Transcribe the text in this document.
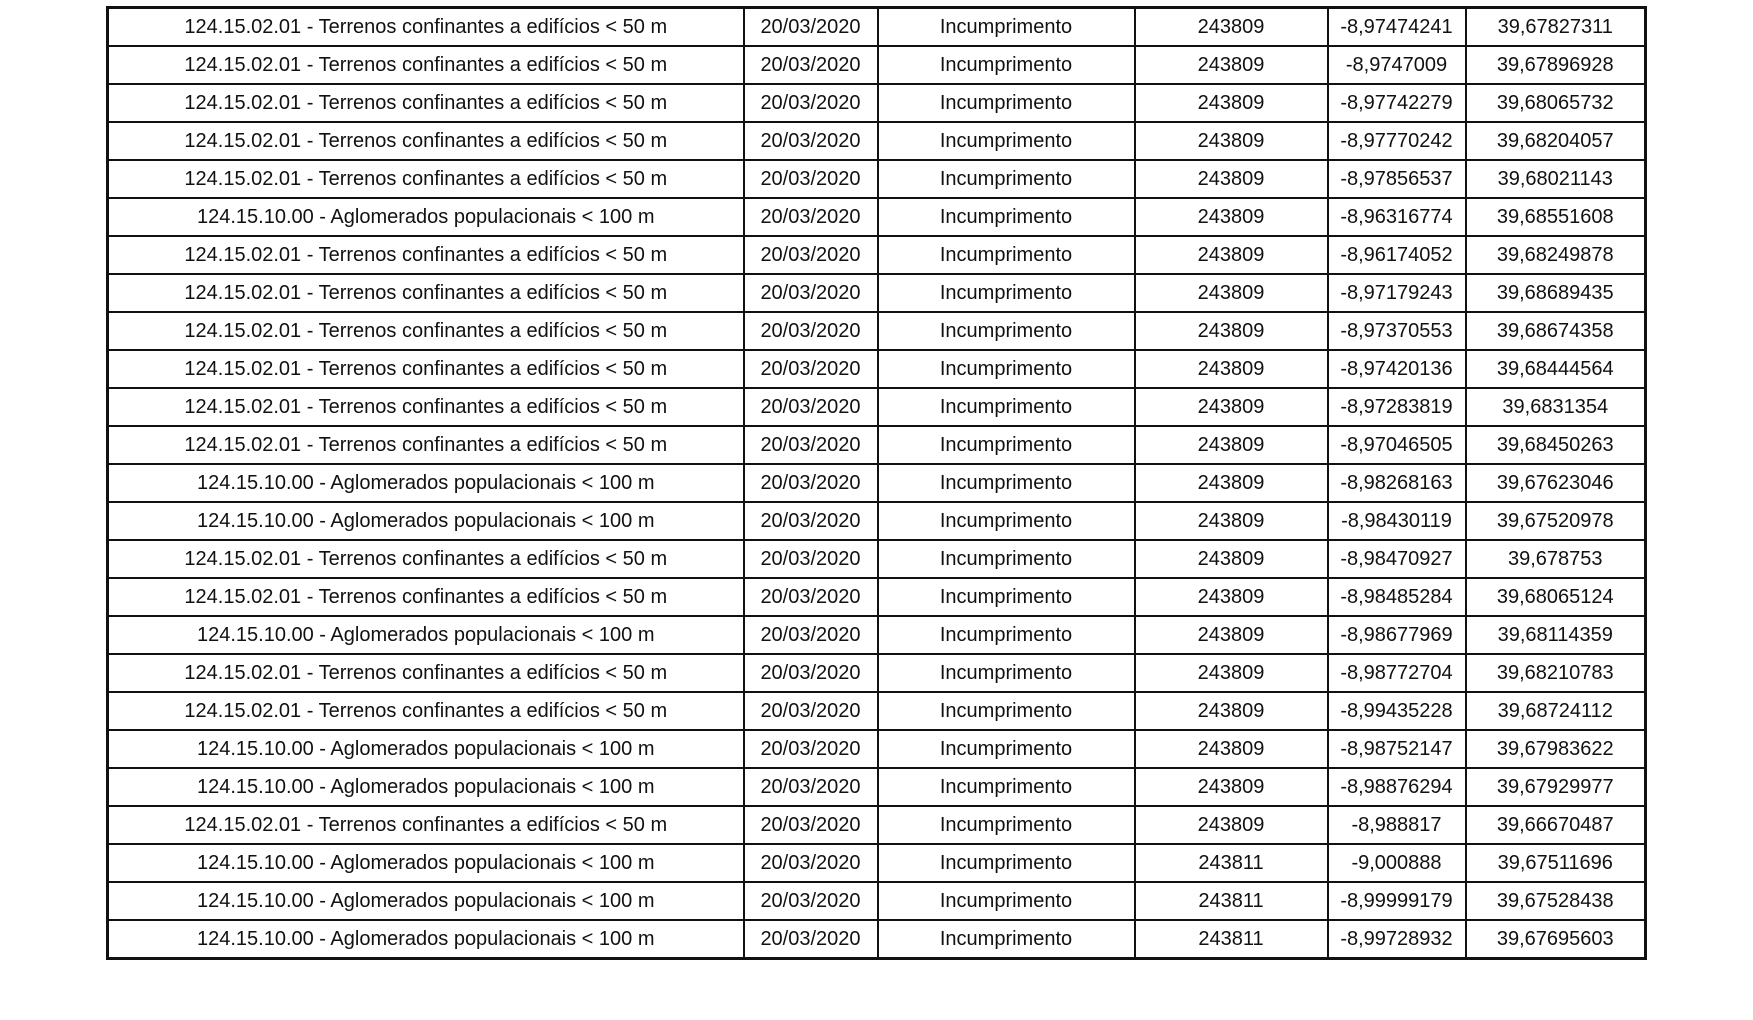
124.15.02.01 - Terrenos confinantes a edifícios < 50 m	20/03/2020	Incumprimento	243809	-8,97474241	39,67827311
124.15.02.01 - Terrenos confinantes a edifícios < 50 m	20/03/2020	Incumprimento	243809	-8,9747009	39,67896928
124.15.02.01 - Terrenos confinantes a edifícios < 50 m	20/03/2020	Incumprimento	243809	-8,97742279	39,68065732
124.15.02.01 - Terrenos confinantes a edifícios < 50 m	20/03/2020	Incumprimento	243809	-8,97770242	39,68204057
124.15.02.01 - Terrenos confinantes a edifícios < 50 m	20/03/2020	Incumprimento	243809	-8,97856537	39,68021143
124.15.10.00 - Aglomerados populacionais < 100 m	20/03/2020	Incumprimento	243809	-8,96316774	39,68551608
124.15.02.01 - Terrenos confinantes a edifícios < 50 m	20/03/2020	Incumprimento	243809	-8,96174052	39,68249878
124.15.02.01 - Terrenos confinantes a edifícios < 50 m	20/03/2020	Incumprimento	243809	-8,97179243	39,68689435
124.15.02.01 - Terrenos confinantes a edifícios < 50 m	20/03/2020	Incumprimento	243809	-8,97370553	39,68674358
124.15.02.01 - Terrenos confinantes a edifícios < 50 m	20/03/2020	Incumprimento	243809	-8,97420136	39,68444564
124.15.02.01 - Terrenos confinantes a edifícios < 50 m	20/03/2020	Incumprimento	243809	-8,97283819	39,6831354
124.15.02.01 - Terrenos confinantes a edifícios < 50 m	20/03/2020	Incumprimento	243809	-8,97046505	39,68450263
124.15.10.00 - Aglomerados populacionais < 100 m	20/03/2020	Incumprimento	243809	-8,98268163	39,67623046
124.15.10.00 - Aglomerados populacionais < 100 m	20/03/2020	Incumprimento	243809	-8,98430119	39,67520978
124.15.02.01 - Terrenos confinantes a edifícios < 50 m	20/03/2020	Incumprimento	243809	-8,98470927	39,678753
124.15.02.01 - Terrenos confinantes a edifícios < 50 m	20/03/2020	Incumprimento	243809	-8,98485284	39,68065124
124.15.10.00 - Aglomerados populacionais < 100 m	20/03/2020	Incumprimento	243809	-8,98677969	39,68114359
124.15.02.01 - Terrenos confinantes a edifícios < 50 m	20/03/2020	Incumprimento	243809	-8,98772704	39,68210783
124.15.02.01 - Terrenos confinantes a edifícios < 50 m	20/03/2020	Incumprimento	243809	-8,99435228	39,68724112
124.15.10.00 - Aglomerados populacionais < 100 m	20/03/2020	Incumprimento	243809	-8,98752147	39,67983622
124.15.10.00 - Aglomerados populacionais < 100 m	20/03/2020	Incumprimento	243809	-8,98876294	39,67929977
124.15.02.01 - Terrenos confinantes a edifícios < 50 m	20/03/2020	Incumprimento	243809	-8,988817	39,66670487
124.15.10.00 - Aglomerados populacionais < 100 m	20/03/2020	Incumprimento	243811	-9,000888	39,67511696
124.15.10.00 - Aglomerados populacionais < 100 m	20/03/2020	Incumprimento	243811	-8,99999179	39,67528438
124.15.10.00 - Aglomerados populacionais < 100 m	20/03/2020	Incumprimento	243811	-8,99728932	39,67695603
